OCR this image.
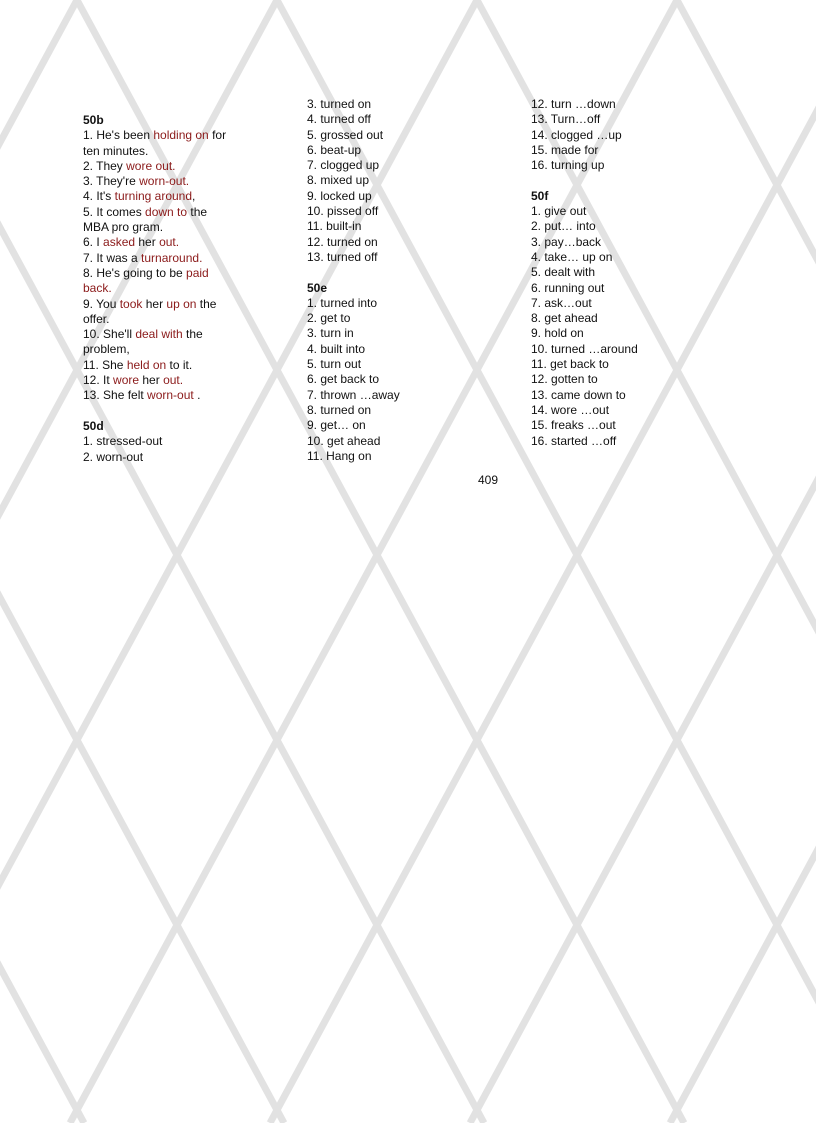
50b
1. He's been holding on for
ten minutes.
2. They wore out.
3. They're worn-out.
4. It's turning around,
5. It comes down to the
MBA pro gram.
6. I asked her out.
7. It was a turnaround.
8. He's going to be paid
back.
9. You took her up on the
offer.
10. She'll deal with the
problem,
11. She held on to it.
12. It wore her out.
13. She felt worn-out .
50d
1. stressed-out
2. worn-out
3. turned on
4. turned off
5. grossed out
6. beat-up
7. clogged up
8. mixed up
9. locked up
10. pissed off
11. built-in
12. turned on
13. turned off
50e
1. turned into
2. get to
3. turn in
4. built into
5. turn out
6. get back to
7. thrown …away
8. turned on
9. get… on
10. get ahead
11. Hang on
12. turn …down
13. Turn…off
14. clogged …up
15. made for
16. turning up
50f
1. give out
2. put… into
3. pay…back
4. take… up on
5. dealt with
6. running out
7. ask…out
8. get ahead
9. hold on
10. turned …around
11. get back to
12. gotten to
13. came down to
14. wore …out
15. freaks …out
16. started …off
409
